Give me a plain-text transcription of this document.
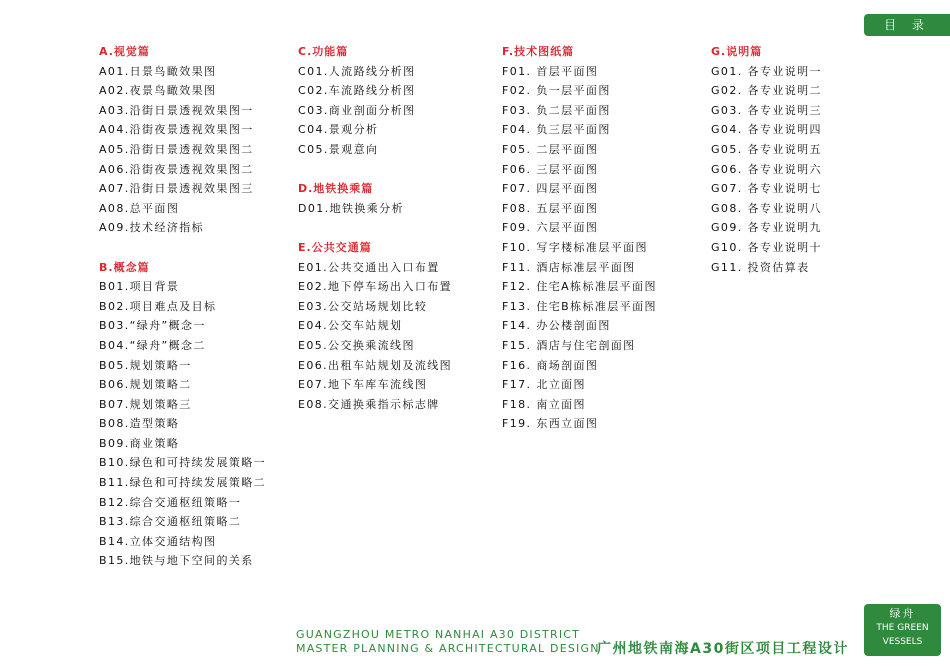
目 录
A.视觉篇
A01.日景鸟瞰效果图
A02.夜景鸟瞰效果图
A03.沿街日景透视效果图一
A04.沿街夜景透视效果图一
A05.沿街日景透视效果图二
A06.沿街夜景透视效果图二
A07.沿街日景透视效果图三
A08.总平面图
A09.技术经济指标
B.概念篇
B01.项目背景
B02.项目难点及目标
B03.“绿舟”概念一
B04.“绿舟”概念二
B05.规划策略一
B06.规划策略二
B07.规划策略三
B08.造型策略
B09.商业策略
B10.绿色和可持续发展策略一
B11.绿色和可持续发展策略二
B12.综合交通枢纽策略一
B13.综合交通枢纽策略二
B14.立体交通结构图
B15.地铁与地下空间的关系
C.功能篇
C01.人流路线分析图
C02.车流路线分析图
C03.商业剖面分析图
C04.景观分析
C05.景观意向
D.地铁换乘篇
D01.地铁换乘分析
E.公共交通篇
E01.公共交通出入口布置
E02.地下停车场出入口布置
E03.公交站场规划比较
E04.公交车站规划
E05.公交换乘流线图
E06.出租车站规划及流线图
E07.地下车库车流线图
E08.交通换乘指示标志牌
F.技术图纸篇
F01. 首层平面图
F02. 负一层平面图
F03. 负二层平面图
F04. 负三层平面图
F05. 二层平面图
F06. 三层平面图
F07. 四层平面图
F08. 五层平面图
F09. 六层平面图
F10. 写字楼标准层平面图
F11. 酒店标准层平面图
F12. 住宅A栋标准层平面图
F13. 住宅B栋标准层平面图
F14. 办公楼剖面图
F15. 酒店与住宅剖面图
F16. 商场剖面图
F17. 北立面图
F18. 南立面图
F19. 东西立面图
G.说明篇
G01. 各专业说明一
G02. 各专业说明二
G03. 各专业说明三
G04. 各专业说明四
G05. 各专业说明五
G06. 各专业说明六
G07. 各专业说明七
G08. 各专业说明八
G09. 各专业说明九
G10. 各专业说明十
G11. 投资估算表
GUANGZHOU METRO NANHAI A30 DISTRICT
MASTER PLANNING & ARCHITECTURAL DESIGN
广州地铁南海A30街区项目工程设计
绿舟
THE GREEN
VESSELS
